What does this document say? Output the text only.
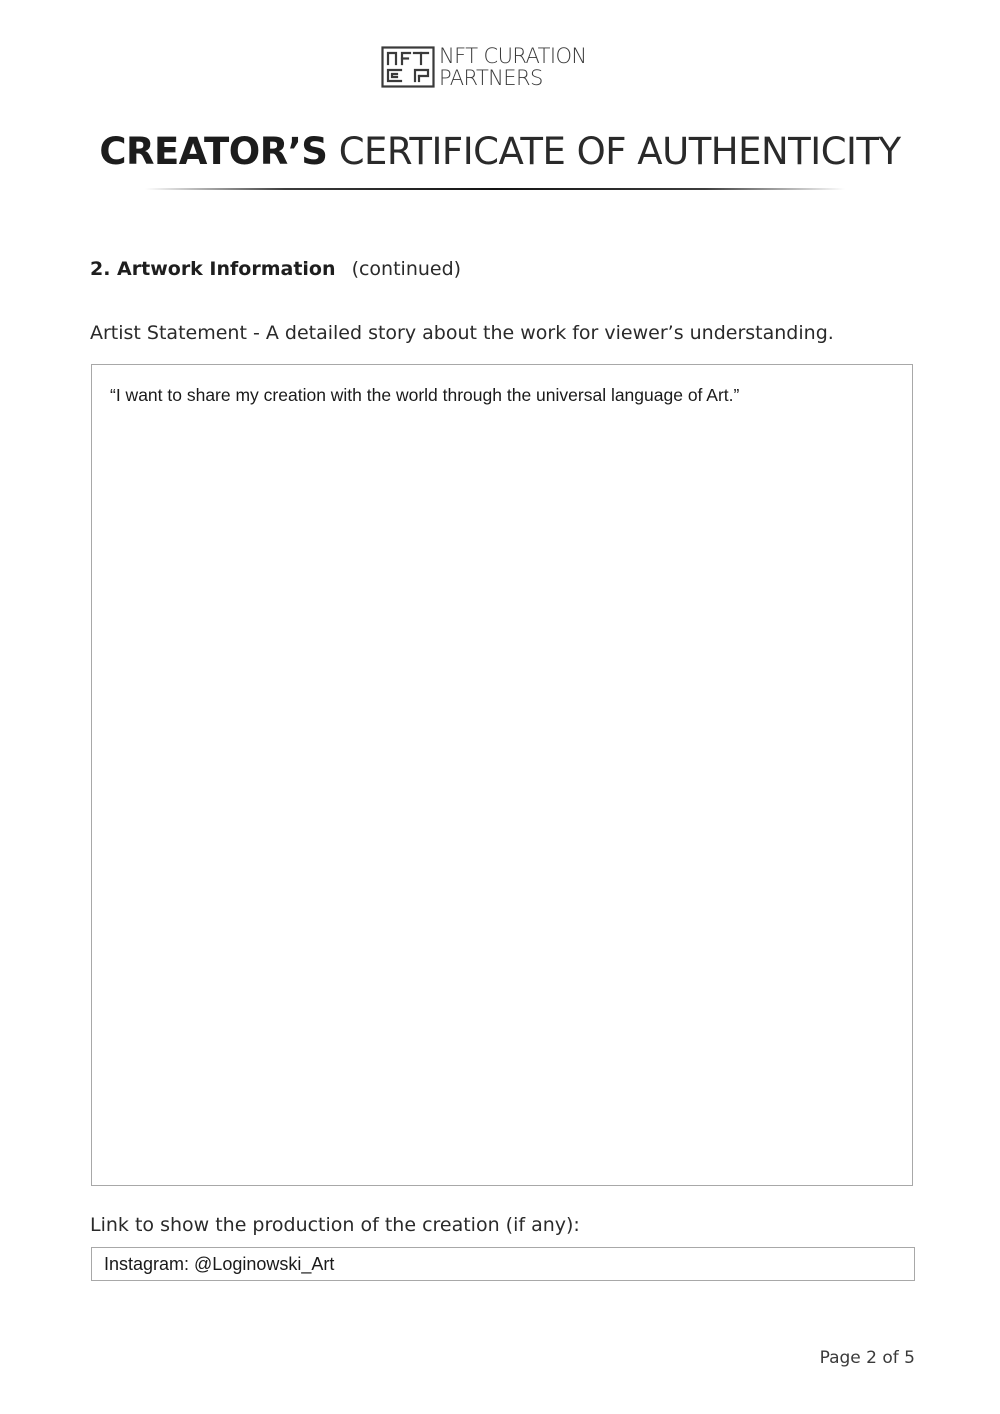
NFT CURATION
PARTNERS
CREATOR’S CERTIFICATE OF AUTHENTICITY
2. Artwork Information (continued)
Artist Statement - A detailed story about the work for viewer’s understanding.
“I want to share my creation with the world through the universal language of Art.”
Link to show the production of the creation (if any):
Instagram: @Loginowski_Art
Page 2 of 5
